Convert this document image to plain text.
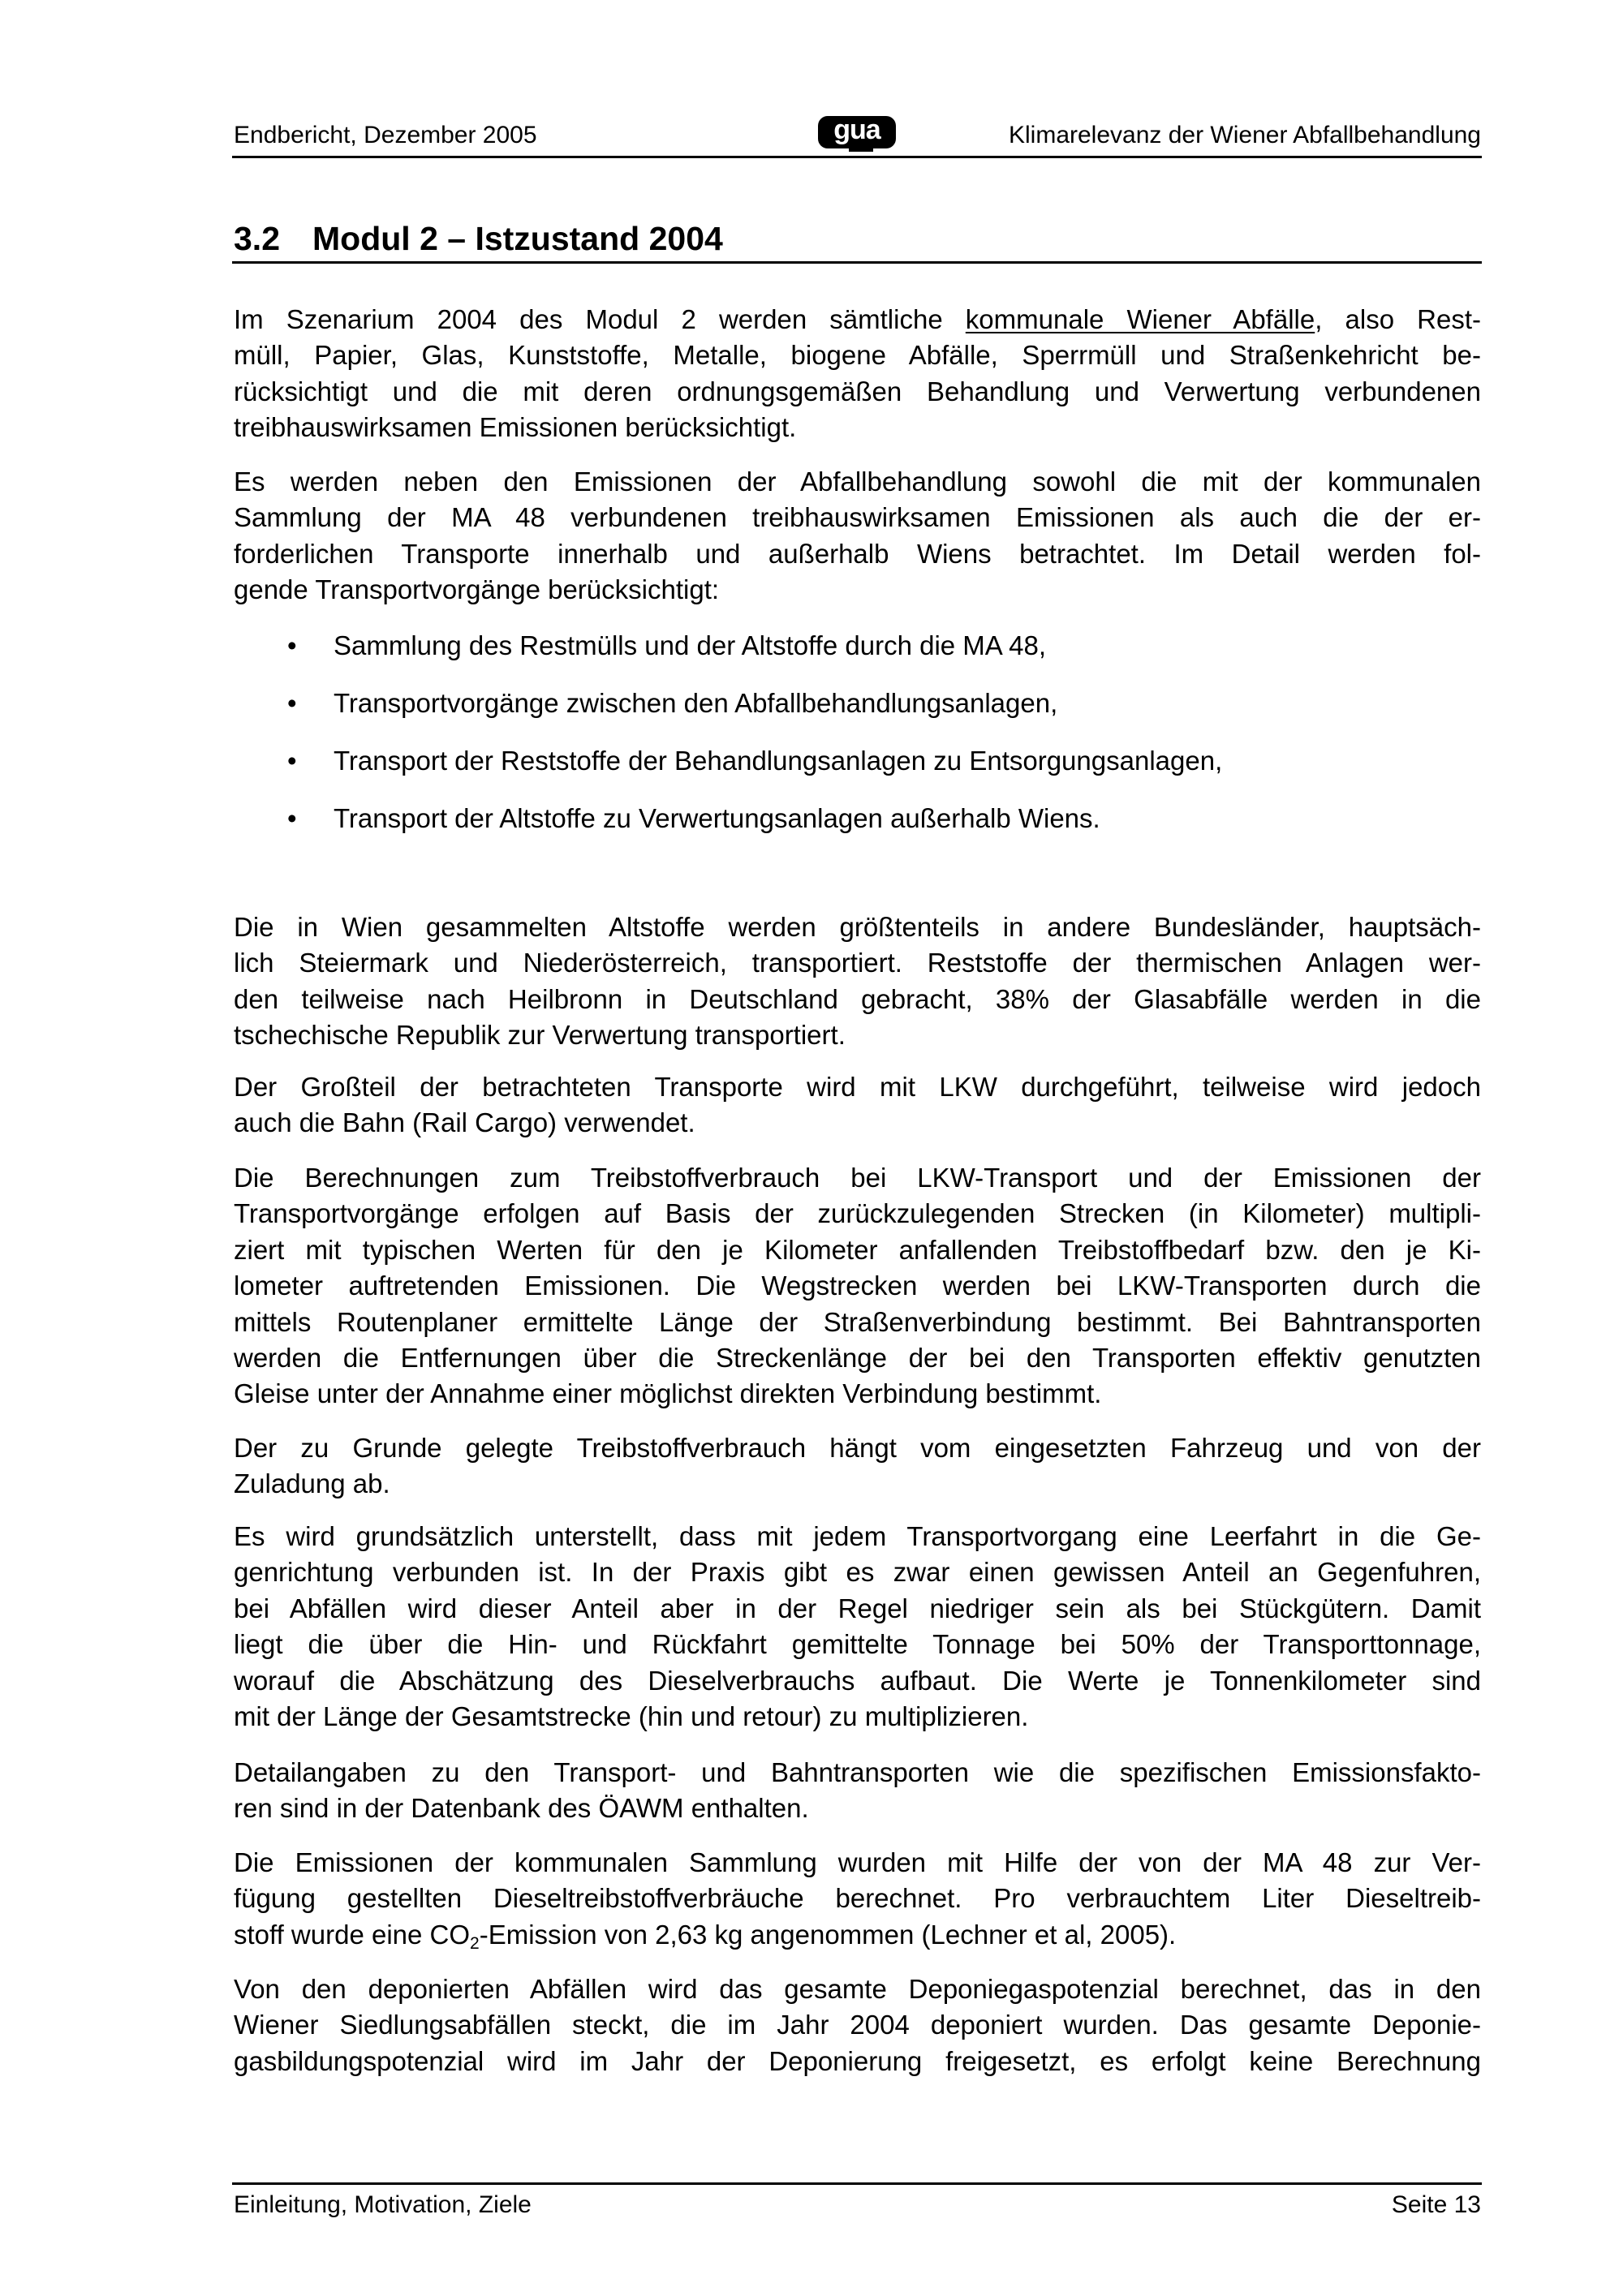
Endbericht, Dezember 2005	gua	Klimarelevanz der Wiener Abfallbehandlung
3.2 Modul 2 – Istzustand 2004
Im Szenarium 2004 des Modul 2 werden sämtliche kommunale Wiener Abfälle, also Rest-
müll, Papier, Glas, Kunststoffe, Metalle, biogene Abfälle, Sperrmüll und Straßenkehricht be-
rücksichtigt und die mit deren ordnungsgemäßen Behandlung und Verwertung verbundenen
treibhauswirksamen Emissionen berücksichtigt.
Es werden neben den Emissionen der Abfallbehandlung sowohl die mit der kommunalen
Sammlung der MA 48 verbundenen treibhauswirksamen Emissionen als auch die der er-
forderlichen Transporte innerhalb und außerhalb Wiens betrachtet. Im Detail werden fol-
gende Transportvorgänge berücksichtigt:
Die in Wien gesammelten Altstoffe werden größtenteils in andere Bundesländer, hauptsäch-
lich Steiermark und Niederösterreich, transportiert. Reststoffe der thermischen Anlagen wer-
den teilweise nach Heilbronn in Deutschland gebracht, 38% der Glasabfälle werden in die
tschechische Republik zur Verwertung transportiert.
Der Großteil der betrachteten Transporte wird mit LKW durchgeführt, teilweise wird jedoch
auch die Bahn (Rail Cargo) verwendet.
Die Berechnungen zum Treibstoffverbrauch bei LKW-Transport und der Emissionen der
Transportvorgänge erfolgen auf Basis der zurückzulegenden Strecken (in Kilometer) multipli-
ziert mit typischen Werten für den je Kilometer anfallenden Treibstoffbedarf bzw. den je Ki-
lometer auftretenden Emissionen. Die Wegstrecken werden bei LKW-Transporten durch die
mittels Routenplaner ermittelte Länge der Straßenverbindung bestimmt. Bei Bahntransporten
werden die Entfernungen über die Streckenlänge der bei den Transporten effektiv genutzten
Gleise unter der Annahme einer möglichst direkten Verbindung bestimmt.
Der zu Grunde gelegte Treibstoffverbrauch hängt vom eingesetzten Fahrzeug und von der
Zuladung ab.
Es wird grundsätzlich unterstellt, dass mit jedem Transportvorgang eine Leerfahrt in die Ge-
genrichtung verbunden ist. In der Praxis gibt es zwar einen gewissen Anteil an Gegenfuhren,
bei Abfällen wird dieser Anteil aber in der Regel niedriger sein als bei Stückgütern. Damit
liegt die über die Hin- und Rückfahrt gemittelte Tonnage bei 50% der Transporttonnage,
worauf die Abschätzung des Dieselverbrauchs aufbaut. Die Werte je Tonnenkilometer sind
mit der Länge der Gesamtstrecke (hin und retour) zu multiplizieren.
Detailangaben zu den Transport- und Bahntransporten wie die spezifischen Emissionsfakto-
ren sind in der Datenbank des ÖAWM enthalten.
Die Emissionen der kommunalen Sammlung wurden mit Hilfe der von der MA 48 zur Ver-
fügung gestellten Dieseltreibstoffverbräuche berechnet. Pro verbrauchtem Liter Dieseltreib-
stoff wurde eine $CO_2$-Emission von 2,63 kg angenommen (Lechner et al, 2005).
Von den deponierten Abfällen wird das gesamte Deponiegaspotenzial berechnet, das in den
Wiener Siedlungsabfällen steckt, die im Jahr 2004 deponiert wurden. Das gesamte Deponie-
gasbildungspotenzial wird im Jahr der Deponierung freigesetzt, es erfolgt keine Berechnung
• Sammlung des Restmülls und der Altstoffe durch die MA 48,
• Transportvorgänge zwischen den Abfallbehandlungsanlagen,
• Transport der Reststoffe der Behandlungsanlagen zu Entsorgungsanlagen,
• Transport der Altstoffe zu Verwertungsanlagen außerhalb Wiens.
Einleitung, Motivation, Ziele	Seite 13
